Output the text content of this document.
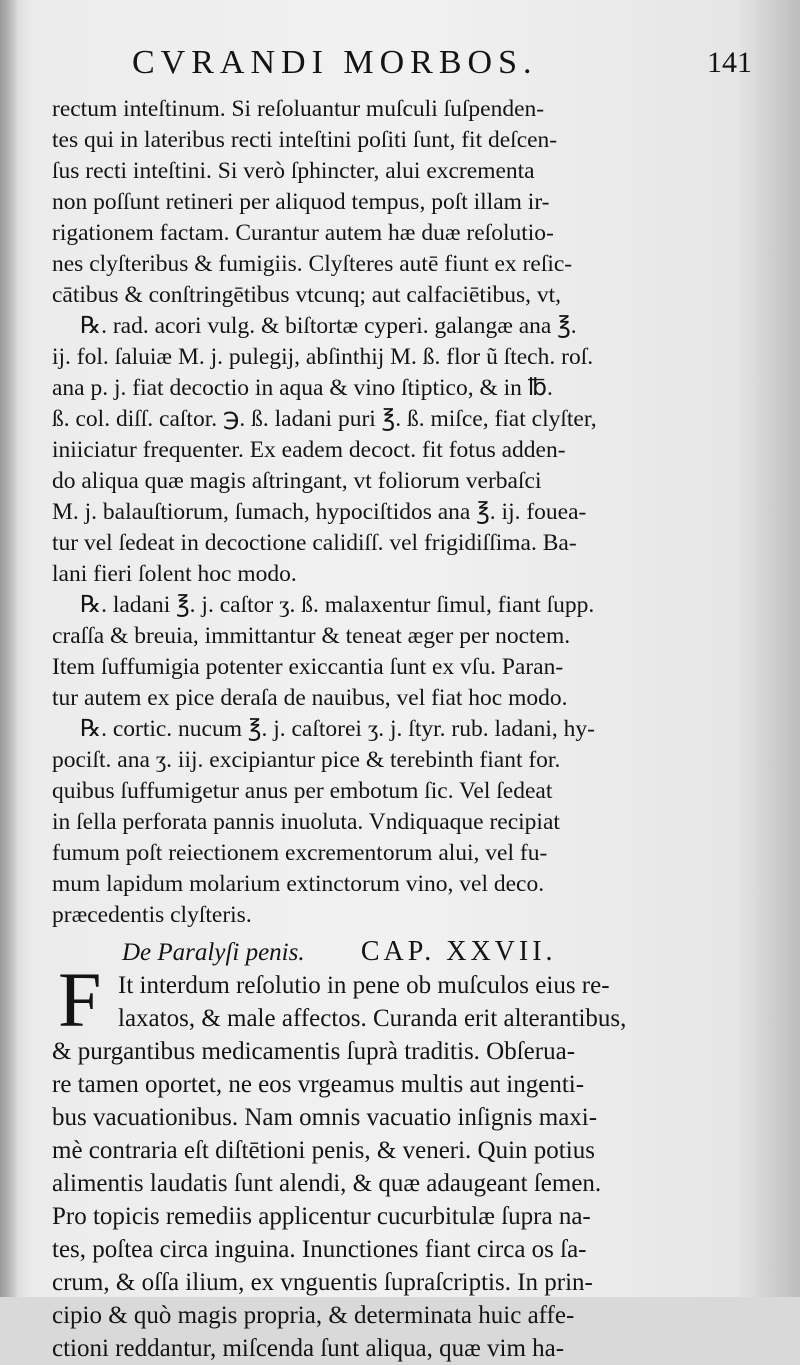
CVRANDI MORBOS.	141
rectum inteſtinum. Si reſoluantur muſculi ſuſpenden-
tes qui in lateribus recti inteſtini poſiti ſunt, fit deſcen-
ſus recti inteſtini. Si verò ſphincter, alui excrementa
non poſſunt retineri per aliquod tempus, poſt illam ir-
rigationem factam. Curantur autem hæ duæ reſolutio-
nes clyſteribus & fumigiis. Clyſteres autē fiunt ex reſic-
cātibus & conſtringētibus vtcunq; aut calfaciētibus, vt,
℞. rad. acori vulg. & biſtortæ cyperi. galangæ ana ℥.
ij. fol. ſaluiæ M. j. pulegij, abſinthij M. ß. flor ũ ſtech. roſ.
ana p. j. fiat decoctio in aqua & vino ſtiptico, & in ℔.
ß. col. diſſ. caſtor. ℈. ß. ladani puri ℥. ß. miſce, fiat clyſter,
iniiciatur frequenter. Ex eadem decoct. fit fotus adden-
do aliqua quæ magis aſtringant, vt foliorum verbaſci
M. j. balauſtiorum, ſumach, hypociſtidos ana ℥. ij. fouea-
tur vel ſedeat in decoctione calidiſſ. vel frigidiſſima. Ba-
lani fieri ſolent hoc modo.
℞. ladani ℥. j. caſtor ʒ. ß. malaxentur ſimul, fiant ſupp.
craſſa & breuia, immittantur & teneat æger per noctem.
Item ſuffumigia potenter exiccantia ſunt ex vſu. Paran-
tur autem ex pice deraſa de nauibus, vel fiat hoc modo.
℞. cortic. nucum ℥. j. caſtorei ʒ. j. ſtyr. rub. ladani, hy-
pociſt. ana ʒ. iij. excipiantur pice & terebinth fiant for.
quibus ſuffumigetur anus per embotum ſic. Vel ſedeat
in ſella perforata pannis inuoluta. Vndiquaque recipiat
fumum poſt reiectionem excrementorum alui, vel fu-
mum lapidum molarium extinctorum vino, vel deco.
præcedentis clyſteris.
De Paralyſi penis. CAP. XXVII.
F It interdum reſolutio in pene ob muſculos eius re-
laxatos, & male affectos. Curanda erit alterantibus,
& purgantibus medicamentis ſuprà traditis. Obſerua-
re tamen oportet, ne eos vrgeamus multis aut ingenti-
bus vacuationibus. Nam omnis vacuatio inſignis maxi-
mè contraria eſt diſtētioni penis, & veneri. Quin potius
alimentis laudatis ſunt alendi, & quæ adaugeant ſemen.
Pro topicis remediis applicentur cucurbitulæ ſupra na-
tes, poſtea circa inguina. Inunctiones fiant circa os ſa-
crum, & oſſa ilium, ex vnguentis ſupraſcriptis. In prin-
cipio & quò magis propria, & determinata huic affe-
ctioni reddantur, miſcenda ſunt aliqua, quæ vim ha-
